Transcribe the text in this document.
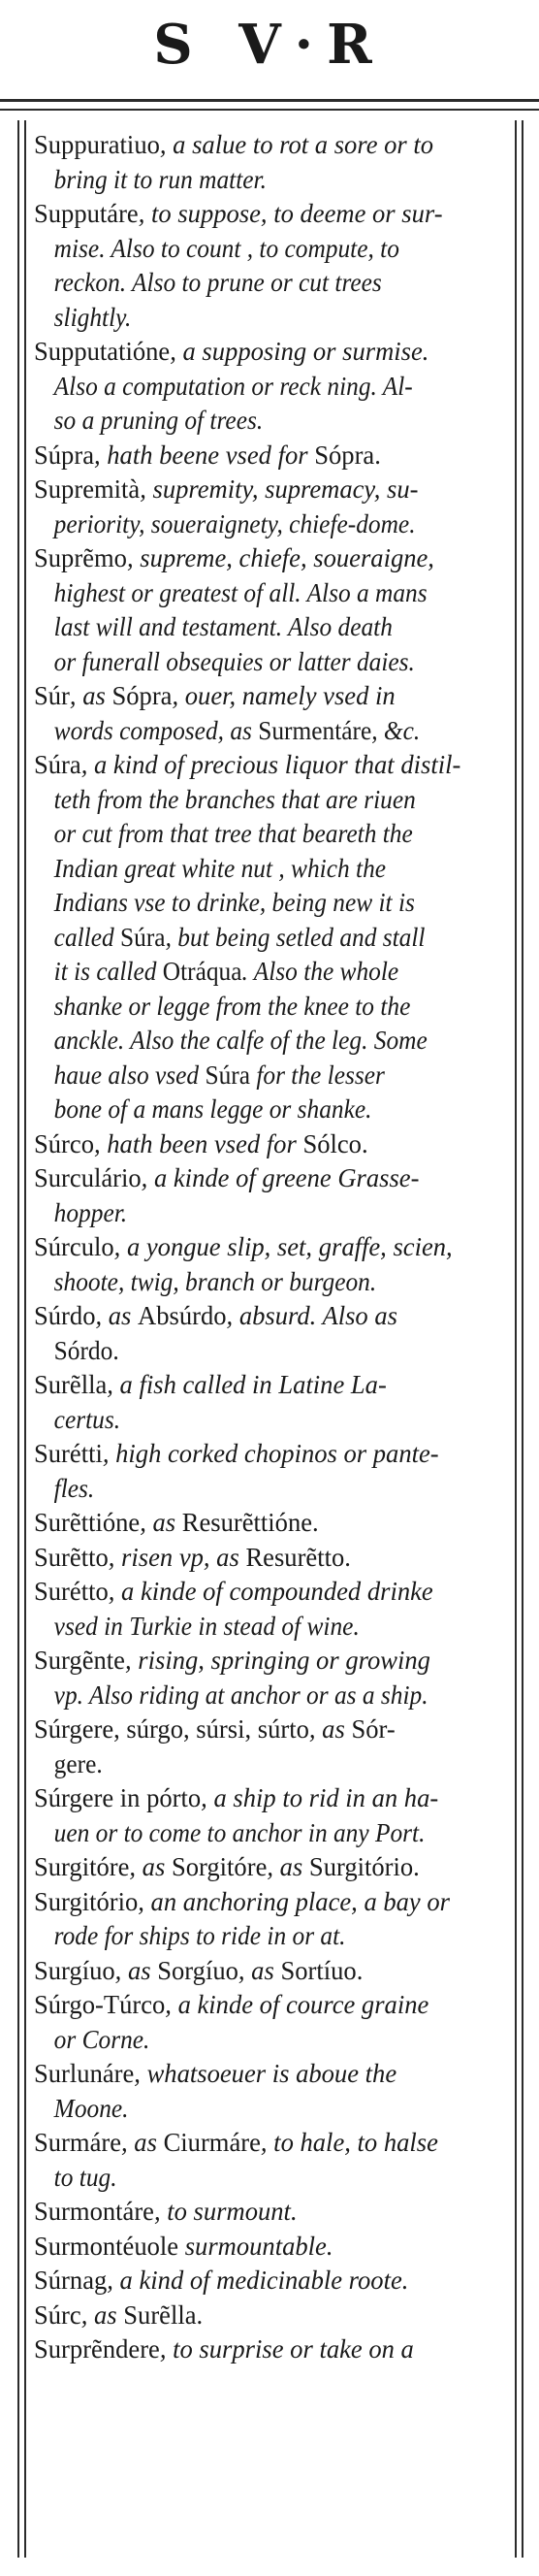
S V·R
Suppuratiuo, a salue to rot a sore or to
bring it to run matter.
Supputáre, to suppose, to deeme or sur-
mise. Also to count , to compute, to
reckon. Also to prune or cut trees
slightly.
Supputatióne, a supposing or surmise.
Also a computation or reck ning. Al-
so a pruning of trees.
Súpra, hath beene vsed for Sópra.
Supremità, supremity, supremacy, su-
periority, soueraignety, chiefe-dome.
Suprẽmo, supreme, chiefe, soueraigne,
highest or greatest of all. Also a mans
last will and testament. Also death
or funerall obsequies or latter daies.
Súr, as Sópra, ouer, namely vsed in
words composed, as Surmentáre, &c.
Súra, a kind of precious liquor that distil-
teth from the branches that are riuen
or cut from that tree that beareth the
Indian great white nut , which the
Indians vse to drinke, being new it is
called Súra, but being setled and stall
it is called Otráqua. Also the whole
shanke or legge from the knee to the
anckle. Also the calfe of the leg. Some
haue also vsed Súra for the lesser
bone of a mans legge or shanke.
Súrco, hath been vsed for Sólco.
Surculário, a kinde of greene Grasse-
hopper.
Súrculo, a yongue slip, set, graffe, scien,
shoote, twig, branch or burgeon.
Súrdo, as Absúrdo, absurd. Also as
Sórdo.
Surẽlla, a fish called in Latine La-
certus.
Surétti, high corked chopinos or pante-
fles.
Surẽttióne, as Resurẽttióne.
Surẽtto, risen vp, as Resurẽtto.
Surétto, a kinde of compounded drinke
vsed in Turkie in stead of wine.
Surgẽnte, rising, springing or growing
vp. Also riding at anchor or as a ship.
Súrgere, súrgo, súrsi, súrto, as Sór-
gere.
Súrgere in pórto, a ship to rid in an ha-
uen or to come to anchor in any Port.
Surgitóre, as Sorgitóre, as Surgitório.
Surgitório, an anchoring place, a bay or
rode for ships to ride in or at.
Surgíuo, as Sorgíuo, as Sortíuo.
Súrgo-Túrco, a kinde of cource graine
or Corne.
Surlunáre, whatsoeuer is aboue the
Moone.
Surmáre, as Ciurmáre, to hale, to halse
to tug.
Surmontáre, to surmount.
Surmontéuole surmountable.
Súrnag, a kind of medicinable roote.
Súrc, as Surẽlla.
Surprẽndere, to surprise or take on a
